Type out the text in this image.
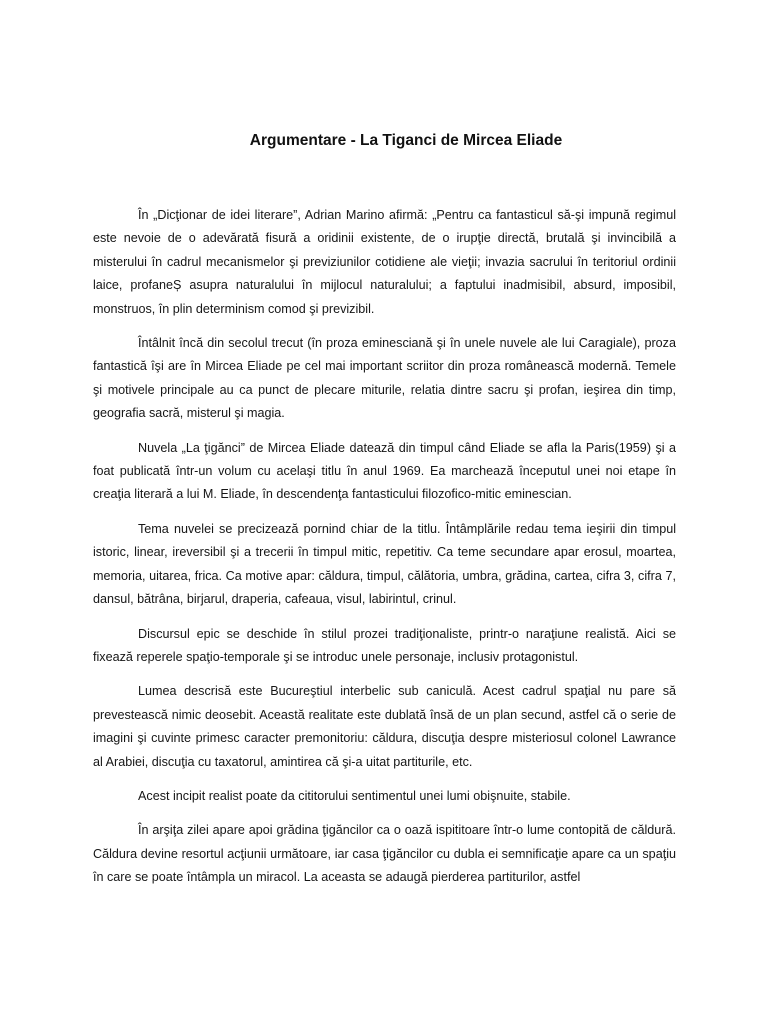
Argumentare - La Tiganci de Mircea Eliade

În „Dicţionar de idei literare”, Adrian Marino afirmă: „Pentru ca fantasticul să-şi impună regimul este nevoie de o adevărată fisură a oridinii existente, de o irupţie directă, brutală şi invincibilă a misterului în cadrul mecanismelor şi previziunilor cotidiene ale vieţii; invazia sacrului în teritoriul ordinii laice, profaneȘ asupra naturalului în mijlocul naturalului; a faptului inadmisibil, absurd, imposibil, monstruos, în plin determinism comod şi previzibil.

Întâlnit încă din secolul trecut (în proza eminesciană şi în unele nuvele ale lui Caragiale), proza fantastică îşi are în Mircea Eliade pe cel mai important scriitor din proza românească modernă. Temele şi motivele principale au ca punct de plecare miturile, relatia dintre sacru şi profan, ieşirea din timp, geografia sacră, misterul şi magia.

Nuvela „La ţigănci” de Mircea Eliade datează din timpul când Eliade se afla la Paris(1959) şi a foat publicată într-un volum cu acelaşi titlu în anul 1969. Ea marchează începutul unei noi etape în creaţia literară a lui M. Eliade, în descendenţa fantasticului filozofico-mitic eminescian.

Tema nuvelei se precizează pornind chiar de la titlu. Întâmplările redau tema ieşirii din timpul istoric, linear, ireversibil şi a trecerii în timpul mitic, repetitiv. Ca teme secundare apar erosul, moartea, memoria, uitarea, frica. Ca motive apar: căldura, timpul, călătoria, umbra, grădina, cartea, cifra 3, cifra 7, dansul, bătrâna, birjarul, draperia, cafeaua, visul, labirintul, crinul.

Discursul epic se deschide în stilul prozei tradiţionaliste, printr-o naraţiune realistă. Aici se fixează reperele spaţio-temporale şi se introduc unele personaje, inclusiv protagonistul.

Lumea descrisă este Bucureştiul interbelic sub caniculă. Acest cadrul spaţial nu pare să prevestească nimic deosebit. Această realitate este dublată însă de un plan secund, astfel că o serie de imagini şi cuvinte primesc caracter premonitoriu: căldura, discuţia despre misteriosul colonel Lawrance al Arabiei, discuţia cu taxatorul, amintirea că şi-a uitat partiturile, etc.

Acest incipit realist poate da cititorului sentimentul unei lumi obişnuite, stabile.

În arşiţa zilei apare apoi grădina ţigăncilor ca o oază ispititoare într-o lume contopită de căldură. Căldura devine resortul acţiunii următoare, iar casa ţigăncilor cu dubla ei semnificaţie apare ca un spaţiu în care se poate întâmpla un miracol. La aceasta se adaugă pierderea partiturilor, astfel
